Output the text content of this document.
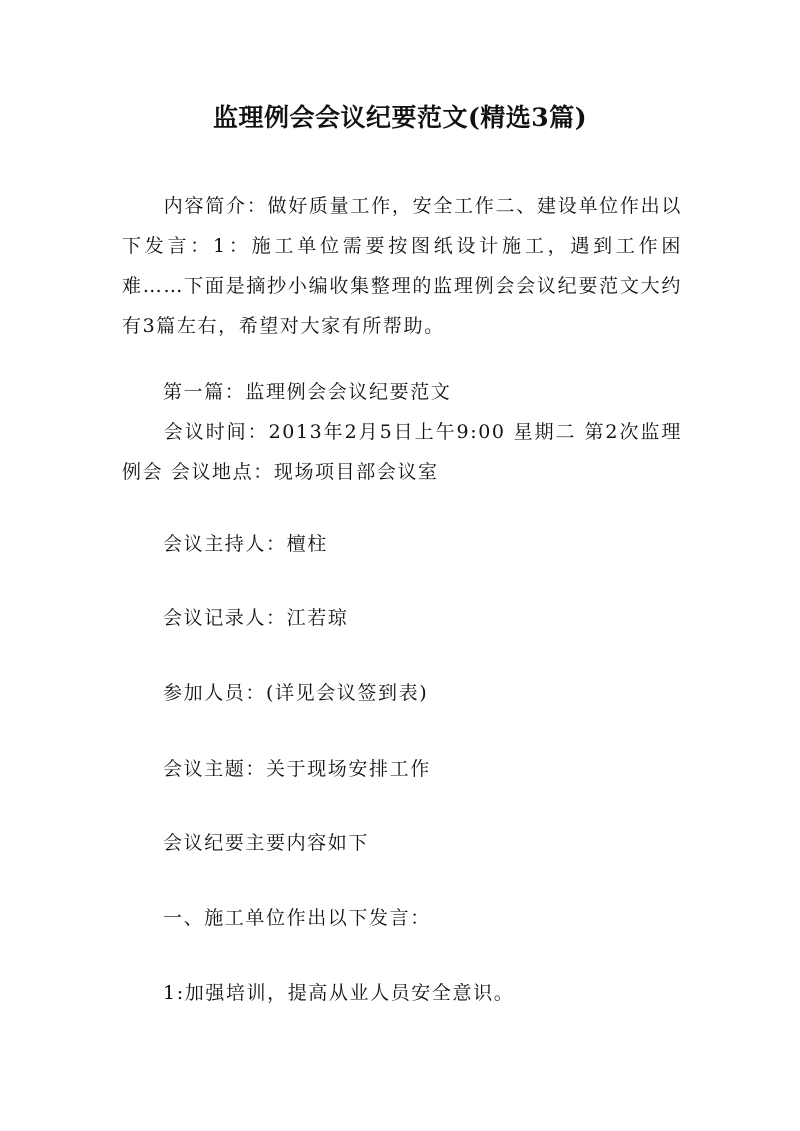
监理例会会议纪要范文(精选3篇)

内容简介：做好质量工作，安全工作二、建设单位作出以下发言：1：施工单位需要按图纸设计施工，遇到工作困难……下面是摘抄小编收集整理的监理例会会议纪要范文大约有3篇左右，希望对大家有所帮助。

第一篇：监理例会会议纪要范文

会议时间：2013年2月5日上午9:00 星期二 第2次监理例会 会议地点：现场项目部会议室

会议主持人：檀柱

会议记录人：江若琼

参加人员：(详见会议签到表)

会议主题：关于现场安排工作

会议纪要主要内容如下

一、施工单位作出以下发言：

1:加强培训，提高从业人员安全意识。
